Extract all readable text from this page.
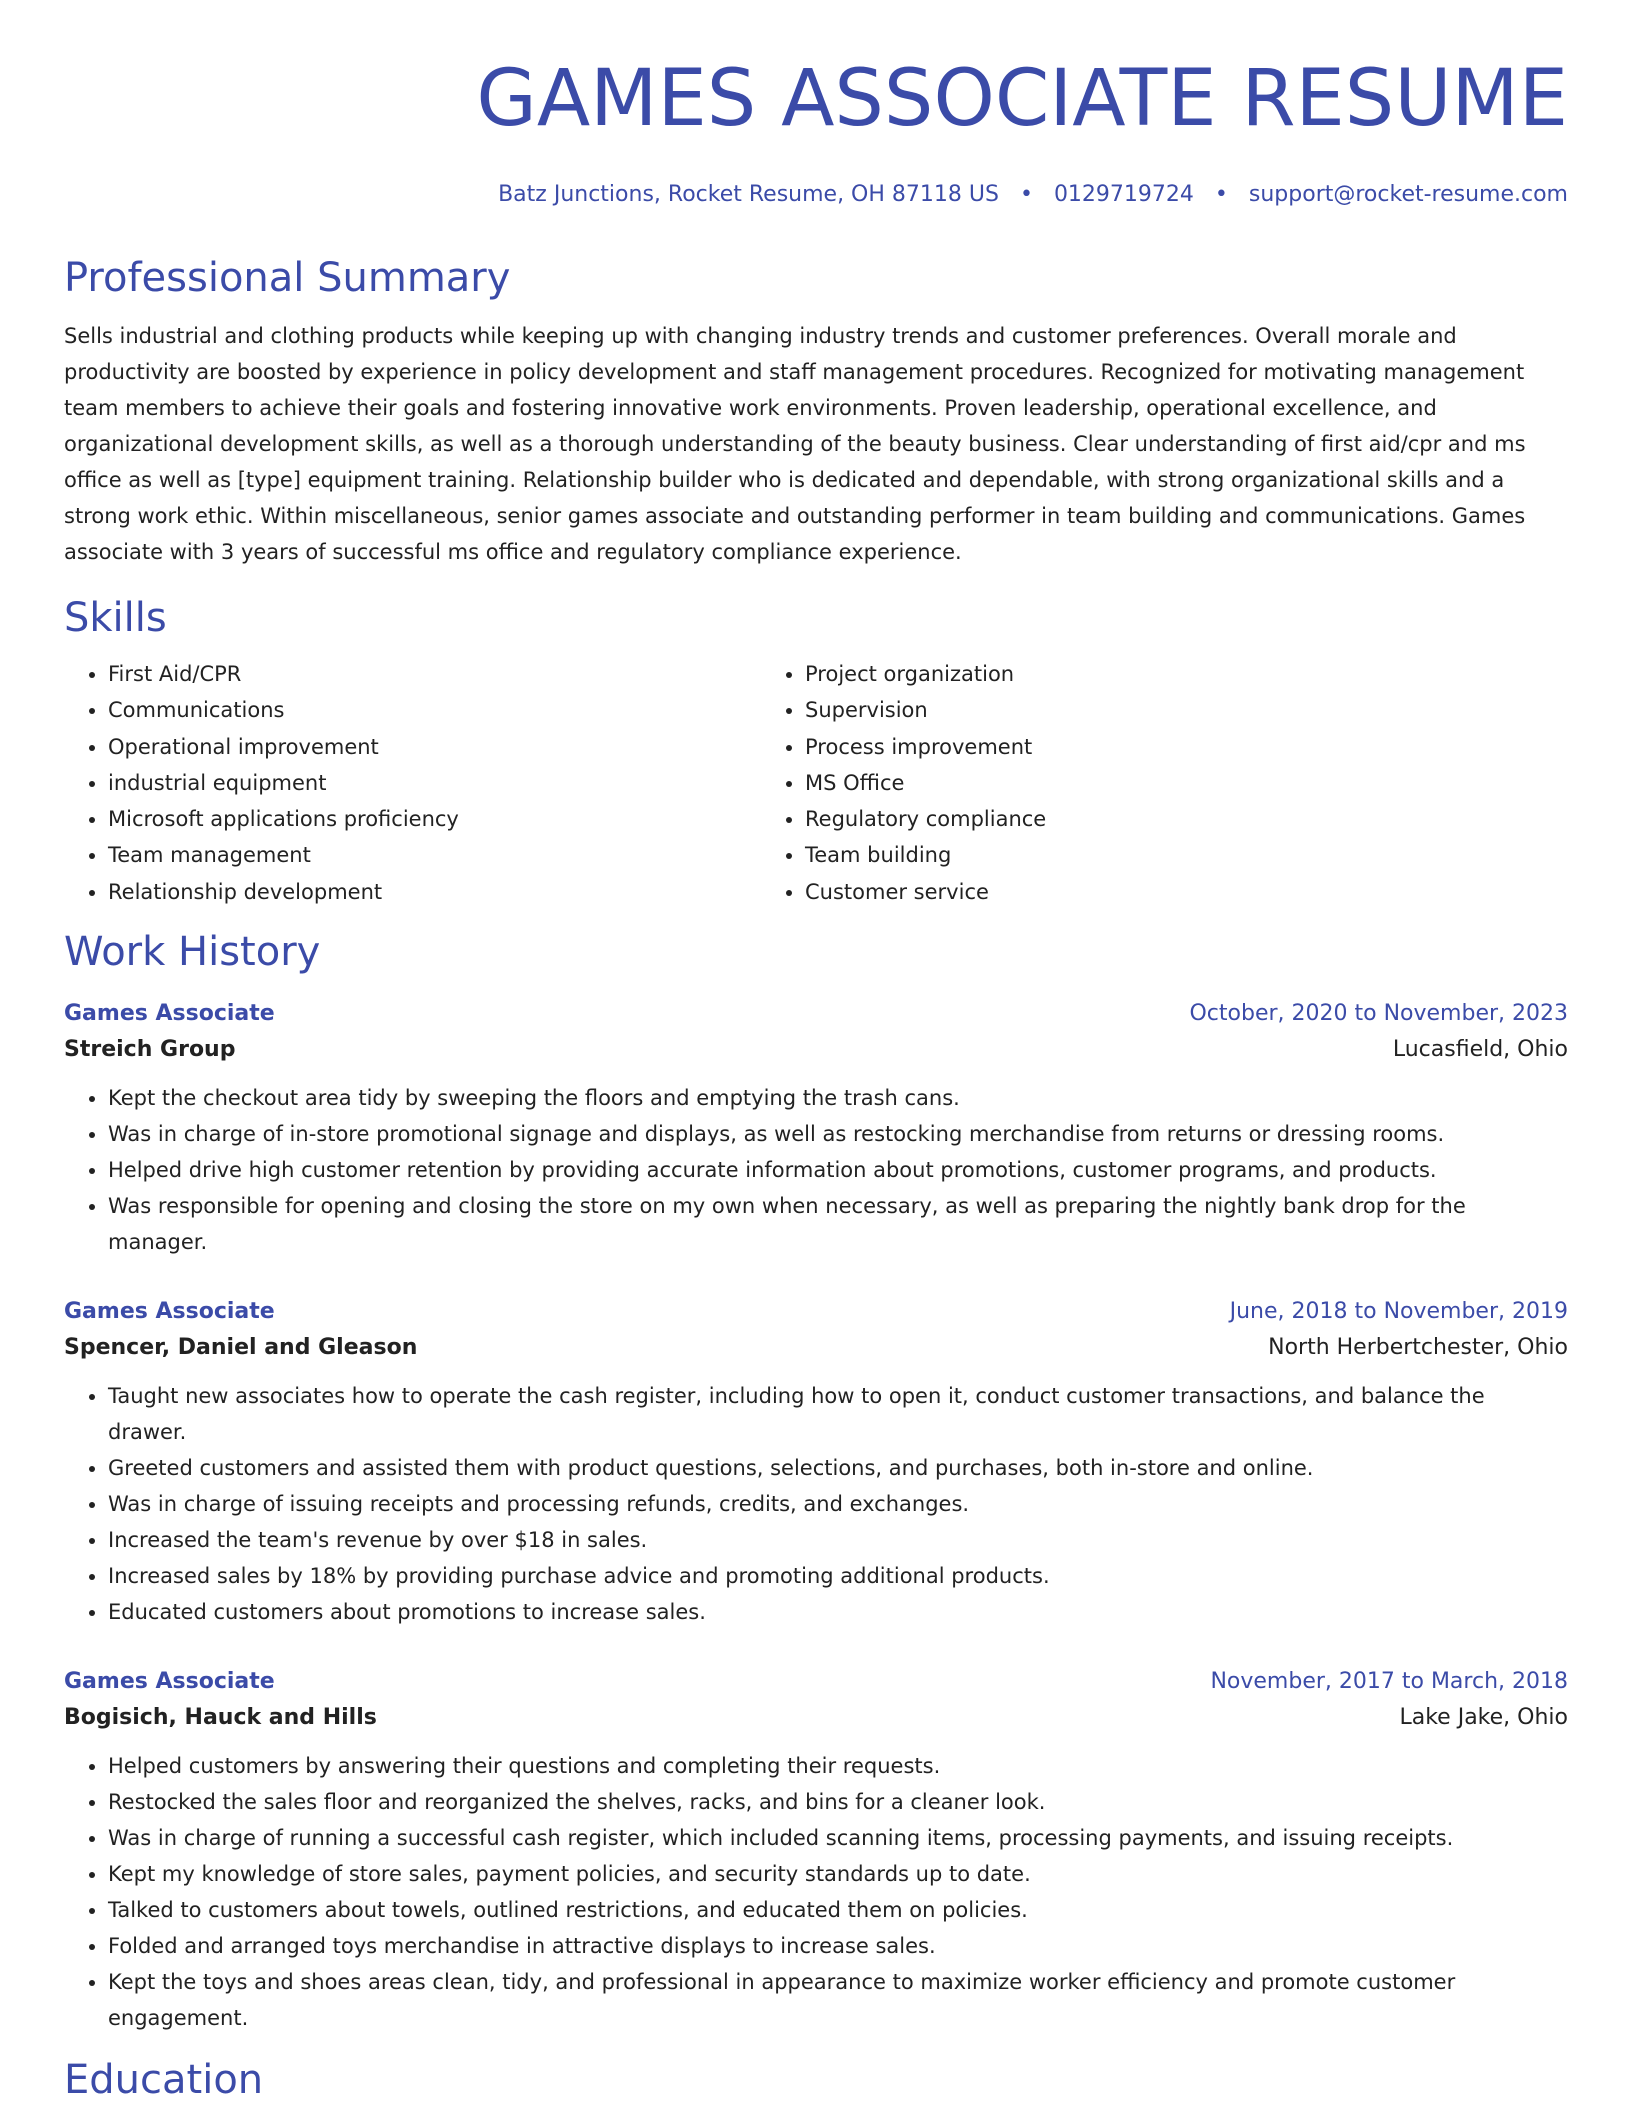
GAMES ASSOCIATE RESUME
Batz Junctions, Rocket Resume, OH 87118 US • 0129719724 • support@rocket-resume.com
Professional Summary
Sells industrial and clothing products while keeping up with changing industry trends and customer preferences. Overall morale and productivity are boosted by experience in policy development and staff management procedures. Recognized for motivating management team members to achieve their goals and fostering innovative work environments. Proven leadership, operational excellence, and organizational development skills, as well as a thorough understanding of the beauty business. Clear understanding of first aid/cpr and ms office as well as [type] equipment training. Relationship builder who is dedicated and dependable, with strong organizational skills and a strong work ethic. Within miscellaneous, senior games associate and outstanding performer in team building and communications. Games associate with 3 years of successful ms office and regulatory compliance experience.
Skills
• First Aid/CPR
• Communications
• Operational improvement
• industrial equipment
• Microsoft applications proficiency
• Team management
• Relationship development
• Project organization
• Supervision
• Process improvement
• MS Office
• Regulatory compliance
• Team building
• Customer service
Work History
Games Associate	October, 2020 to November, 2023
Streich Group	Lucasfield, Ohio
• Kept the checkout area tidy by sweeping the floors and emptying the trash cans.
• Was in charge of in-store promotional signage and displays, as well as restocking merchandise from returns or dressing rooms.
• Helped drive high customer retention by providing accurate information about promotions, customer programs, and products.
• Was responsible for opening and closing the store on my own when necessary, as well as preparing the nightly bank drop for the manager.
Games Associate	June, 2018 to November, 2019
Spencer, Daniel and Gleason	North Herbertchester, Ohio
• Taught new associates how to operate the cash register, including how to open it, conduct customer transactions, and balance the drawer.
• Greeted customers and assisted them with product questions, selections, and purchases, both in-store and online.
• Was in charge of issuing receipts and processing refunds, credits, and exchanges.
• Increased the team's revenue by over $18 in sales.
• Increased sales by 18% by providing purchase advice and promoting additional products.
• Educated customers about promotions to increase sales.
Games Associate	November, 2017 to March, 2018
Bogisich, Hauck and Hills	Lake Jake, Ohio
• Helped customers by answering their questions and completing their requests.
• Restocked the sales floor and reorganized the shelves, racks, and bins for a cleaner look.
• Was in charge of running a successful cash register, which included scanning items, processing payments, and issuing receipts.
• Kept my knowledge of store sales, payment policies, and security standards up to date.
• Talked to customers about towels, outlined restrictions, and educated them on policies.
• Folded and arranged toys merchandise in attractive displays to increase sales.
• Kept the toys and shoes areas clean, tidy, and professional in appearance to maximize worker efficiency and promote customer engagement.
Education
